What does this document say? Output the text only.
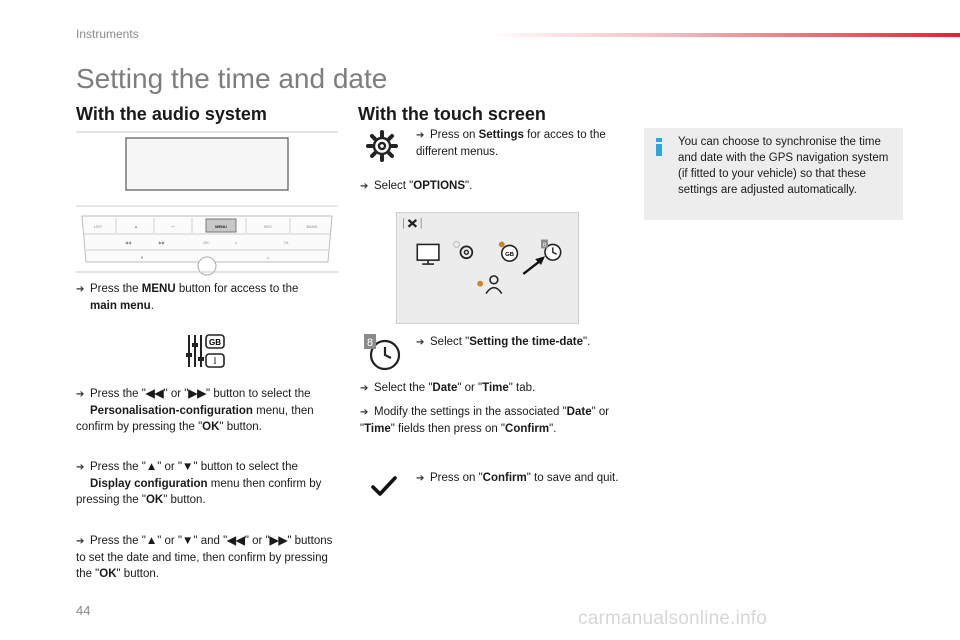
Instruments
Setting the time and date
With the audio system	With the touch screen
LIST	▲	↩	MENU	SRC	BAND
◀◀	▶▶	OK	♫	TA
▼	♫
➔ Press the MENU button for access to the
main menu.
GB
I
➔ Press the "◀◀" or "▶▶" button to select the
Personalisation-configuration menu, then confirm by pressing the "OK" button.
➔ Press the "▲" or "▼" button to select the
Display configuration menu then confirm by pressing the "OK" button.
➔ Press the "▲" or "▼" and "◀◀" or "▶▶" buttons to set the date and time, then confirm by pressing the "OK" button.
➔ Press on Settings for acces to the different menus.
➔ Select "OPTIONS".
GB
8
8	➔ Select "Setting the time-date".
➔ Select the "Date" or "Time" tab.
➔ Modify the settings in the associated "Date" or "Time" fields then press on "Confirm".
➔ Press on "Confirm" to save and quit.
You can choose to synchronise the time and date with the GPS navigation system (if fitted to your vehicle) so that these settings are adjusted automatically.
44	carmanualsonline.info
